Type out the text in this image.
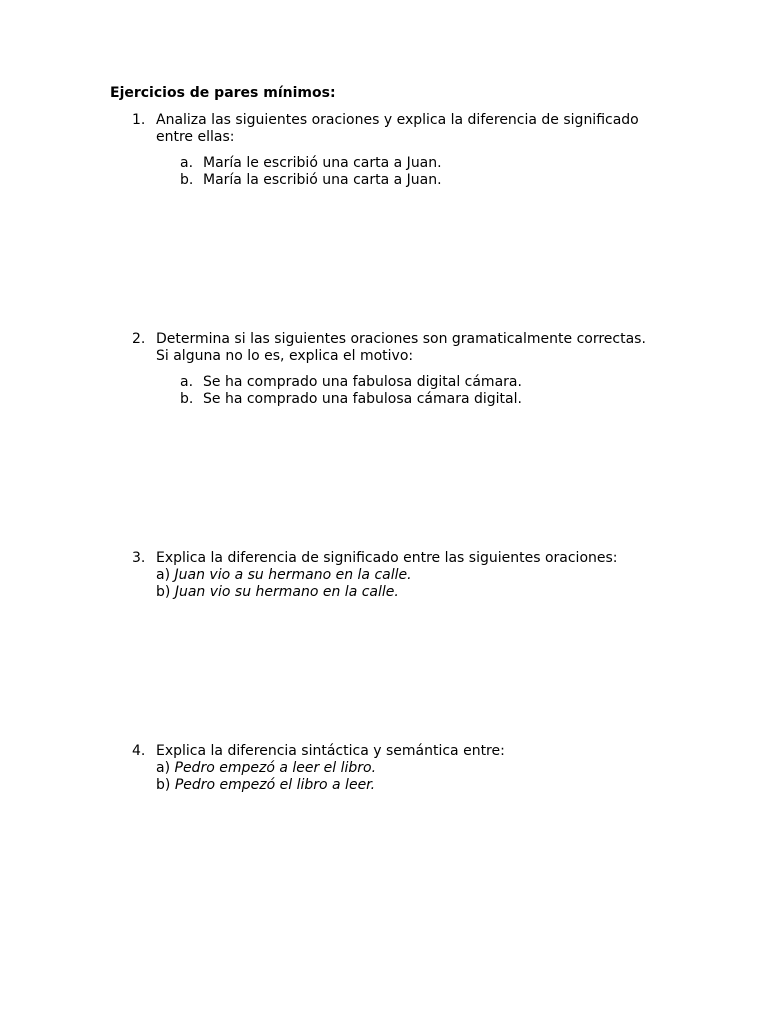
Ejercicios de pares mínimos:
1. Analiza las siguientes oraciones y explica la diferencia de significado
entre ellas:
a. María le escribió una carta a Juan.
b. María la escribió una carta a Juan.
2. Determina si las siguientes oraciones son gramaticalmente correctas.
Si alguna no lo es, explica el motivo:
a. Se ha comprado una fabulosa digital cámara.
b. Se ha comprado una fabulosa cámara digital.
3. Explica la diferencia de significado entre las siguientes oraciones:
a) Juan vio a su hermano en la calle.
b) Juan vio su hermano en la calle.
4. Explica la diferencia sintáctica y semántica entre:
a) Pedro empezó a leer el libro.
b) Pedro empezó el libro a leer.
